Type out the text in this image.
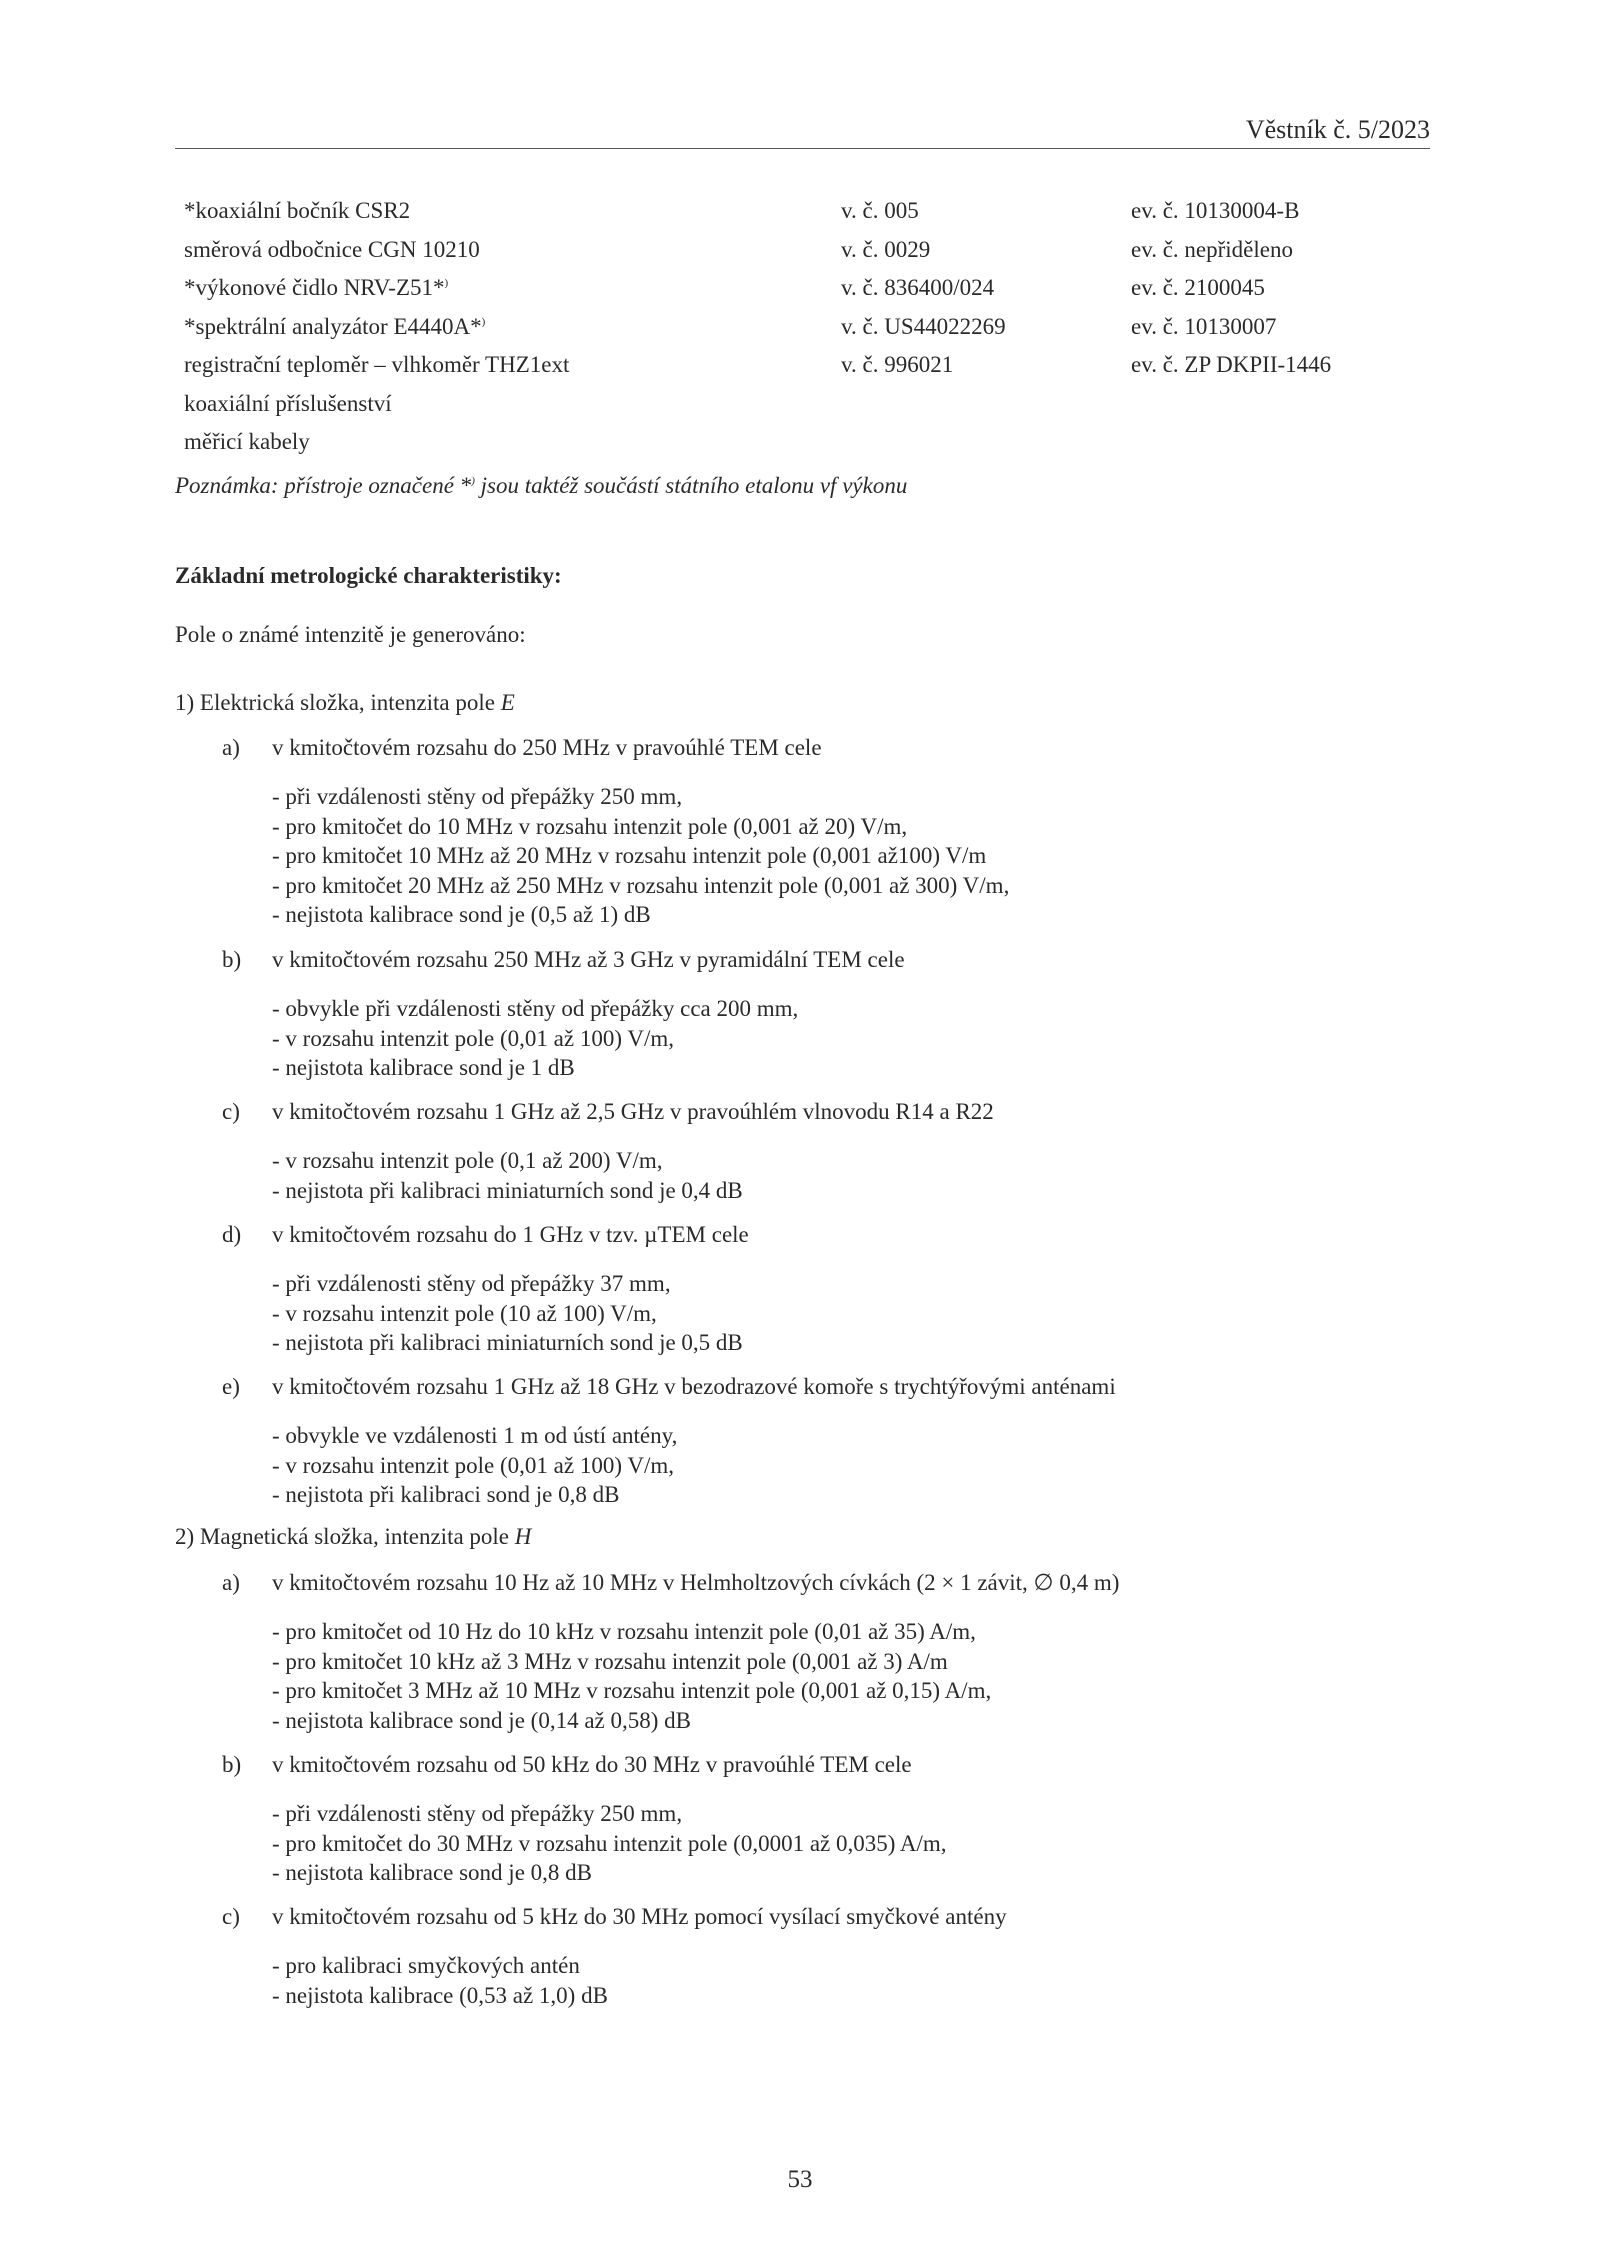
Věstník č. 5/2023
*koaxiální bočník CSR2	v. č. 005	ev. č. 10130004-B
směrová odbočnice CGN 10210	v. č. 0029	ev. č. nepřiděleno
*výkonové čidlo NRV-Z51*)	v. č. 836400/024	ev. č. 2100045
*spektrální analyzátor E4440A*)	v. č. US44022269	ev. č. 10130007
registrační teploměr – vlhkoměr THZ1ext	v. č. 996021	ev. č. ZP DKPII-1446
koaxiální příslušenství
měřicí kabely
Poznámka: přístroje označené *) jsou taktéž součástí státního etalonu vf výkonu
Základní metrologické charakteristiky:
Pole o známé intenzitě je generováno:
1) Elektrická složka, intenzita pole E
a) v kmitočtovém rozsahu do 250 MHz v pravoúhlé TEM cele
- při vzdálenosti stěny od přepážky 250 mm,
- pro kmitočet do 10 MHz v rozsahu intenzit pole (0,001 až 20) V/m,
- pro kmitočet 10 MHz až 20 MHz v rozsahu intenzit pole (0,001 až100) V/m
- pro kmitočet 20 MHz až 250 MHz v rozsahu intenzit pole (0,001 až 300) V/m,
- nejistota kalibrace sond je (0,5 až 1) dB
b) v kmitočtovém rozsahu 250 MHz až 3 GHz v pyramidální TEM cele
- obvykle při vzdálenosti stěny od přepážky cca 200 mm,
- v rozsahu intenzit pole (0,01 až 100) V/m,
- nejistota kalibrace sond je 1 dB
c) v kmitočtovém rozsahu 1 GHz až 2,5 GHz v pravoúhlém vlnovodu R14 a R22
- v rozsahu intenzit pole (0,1 až 200) V/m,
- nejistota při kalibraci miniaturních sond je 0,4 dB
d) v kmitočtovém rozsahu do 1 GHz v tzv. µTEM cele
- při vzdálenosti stěny od přepážky 37 mm,
- v rozsahu intenzit pole (10 až 100) V/m,
- nejistota při kalibraci miniaturních sond je 0,5 dB
e) v kmitočtovém rozsahu 1 GHz až 18 GHz v bezodrazové komoře s trychtýřovými anténami
- obvykle ve vzdálenosti 1 m od ústí antény,
- v rozsahu intenzit pole (0,01 až 100) V/m,
- nejistota při kalibraci sond je 0,8 dB
2) Magnetická složka, intenzita pole H
a) v kmitočtovém rozsahu 10 Hz až 10 MHz v Helmholtzových cívkách (2 × 1 závit, ∅ 0,4 m)
- pro kmitočet od 10 Hz do 10 kHz v rozsahu intenzit pole (0,01 až 35) A/m,
- pro kmitočet 10 kHz až 3 MHz v rozsahu intenzit pole (0,001 až 3) A/m
- pro kmitočet 3 MHz až 10 MHz v rozsahu intenzit pole (0,001 až 0,15) A/m,
- nejistota kalibrace sond je (0,14 až 0,58) dB
b) v kmitočtovém rozsahu od 50 kHz do 30 MHz v pravoúhlé TEM cele
- při vzdálenosti stěny od přepážky 250 mm,
- pro kmitočet do 30 MHz v rozsahu intenzit pole (0,0001 až 0,035) A/m,
- nejistota kalibrace sond je 0,8 dB
c) v kmitočtovém rozsahu od 5 kHz do 30 MHz pomocí vysílací smyčkové antény
- pro kalibraci smyčkových antén
- nejistota kalibrace (0,53 až 1,0) dB
53
